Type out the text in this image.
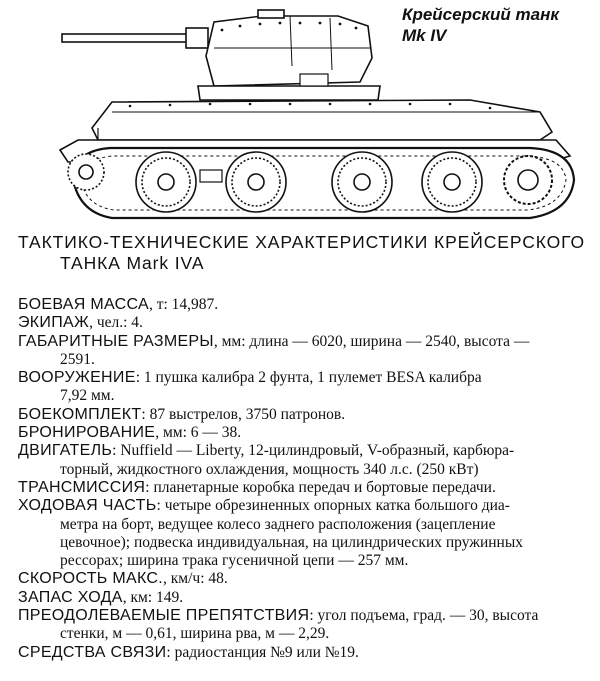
Крейсерский танк
Mk IV
ТАКТИКО-ТЕХНИЧЕСКИЕ ХАРАКТЕРИСТИКИ КРЕЙСЕРСКОГО
ТАНКА Mark IVA
БОЕВАЯ МАССА, т: 14,987.
ЭКИПАЖ, чел.: 4.
ГАБАРИТНЫЕ РАЗМЕРЫ, мм: длина — 6020, ширина — 2540, высота —
2591.
ВООРУЖЕНИЕ: 1 пушка калибра 2 фунта, 1 пулемет BESA калибра
7,92 мм.
БОЕКОМПЛЕКТ: 87 выстрелов, 3750 патронов.
БРОНИРОВАНИЕ, мм: 6 — 38.
ДВИГАТЕЛЬ: Nuffield — Liberty, 12-цилиндровый, V-образный, карбюра-
торный, жидкостного охлаждения, мощность 340 л.с. (250 кВт)
ТРАНСМИССИЯ: планетарные коробка передач и бортовые передачи.
ХОДОВАЯ ЧАСТЬ: четыре обрезиненных опорных катка большого диа-
метра на борт, ведущее колесо заднего расположения (зацепление
цевочное); подвеска индивидуальная, на цилиндрических пружинных
рессорах; ширина трака гусеничной цепи — 257 мм.
СКОРОСТЬ МАКС., км/ч: 48.
ЗАПАС ХОДА, км: 149.
ПРЕОДОЛЕВАЕМЫЕ ПРЕПЯТСТВИЯ: угол подъема, град. — 30, высота
стенки, м — 0,61, ширина рва, м — 2,29.
СРЕДСТВА СВЯЗИ: радиостанция №9 или №19.
